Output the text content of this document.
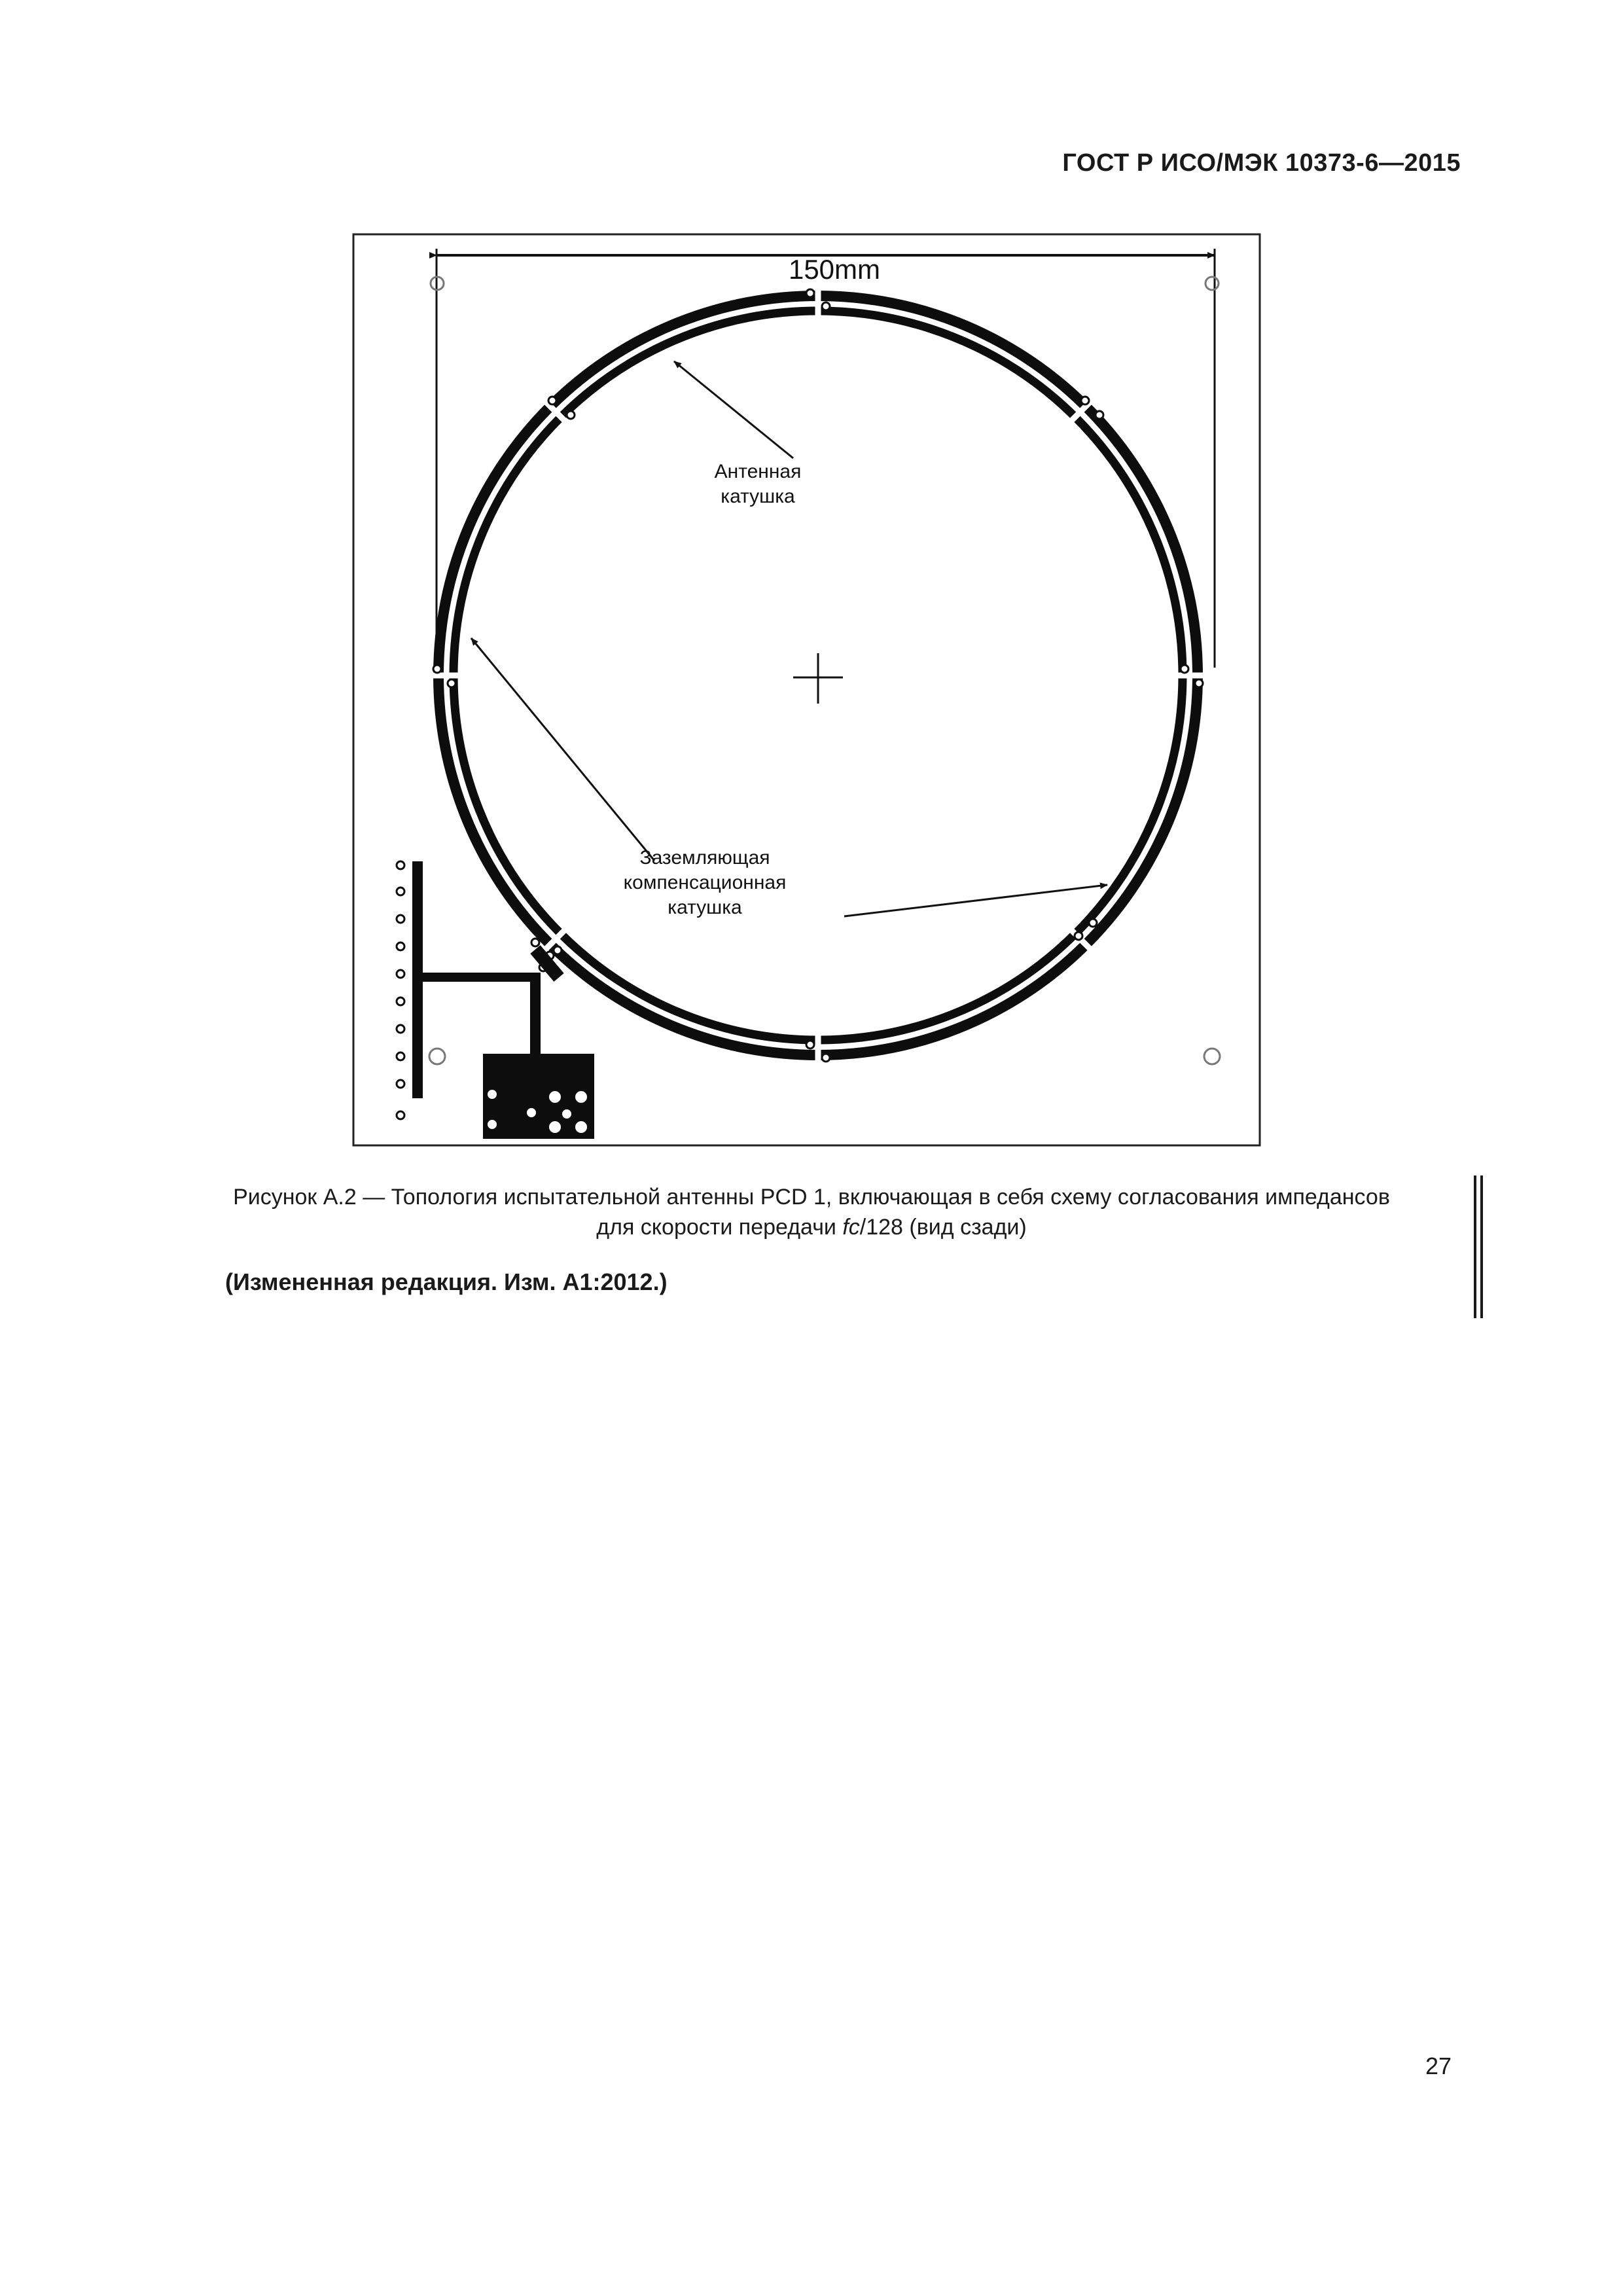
ГОСТ Р ИСО/МЭК 10373-6—2015
150mm
Антенная
катушка
Заземляющая
компенсационная
катушка
Рисунок А.2 — Топология испытательной антенны PCD 1, включающая в себя схему согласования импедансов
для скорости передачи fc/128 (вид сзади)
(Измененная редакция. Изм. А1:2012.)
27
